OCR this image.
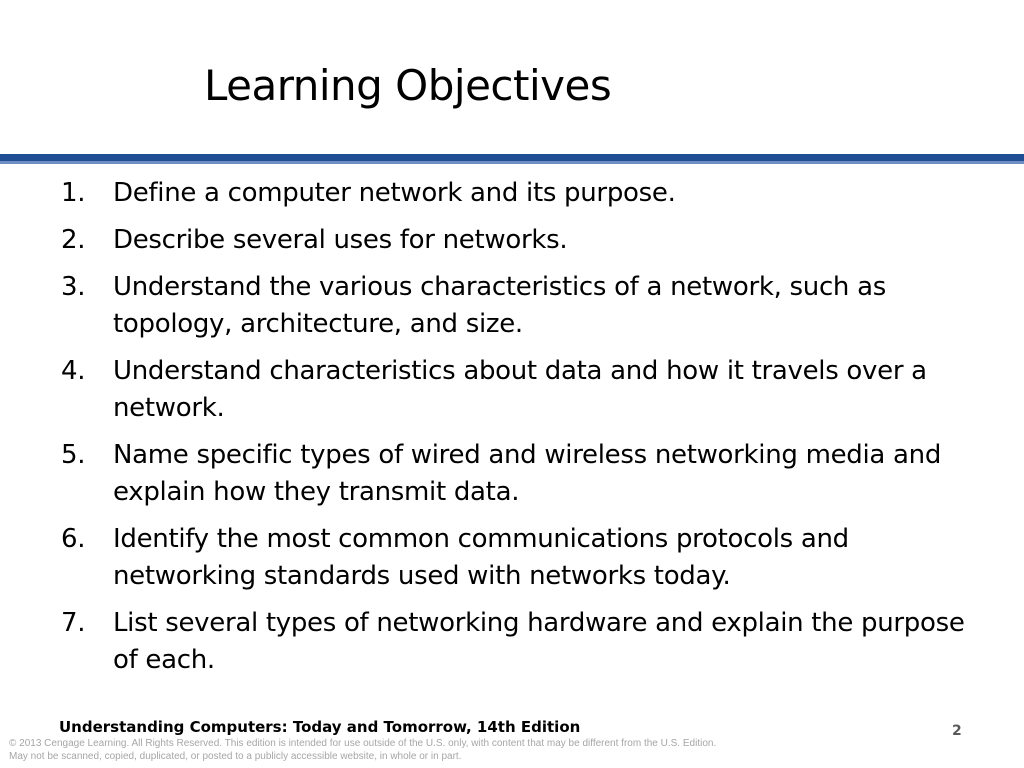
Learning Objectives
1. Define a computer network and its purpose.
2. Describe several uses for networks.
3. Understand the various characteristics of a network, such as topology, architecture, and size.
4. Understand characteristics about data and how it travels over a network.
5. Name specific types of wired and wireless networking media and explain how they transmit data.
6. Identify the most common communications protocols and networking standards used with networks today.
7. List several types of networking hardware and explain the purpose of each.
Understanding Computers: Today and Tomorrow, 14th Edition	2
© 2013 Cengage Learning. All Rights Reserved. This edition is intended for use outside of the U.S. only, with content that may be different from the U.S. Edition.
May not be scanned, copied, duplicated, or posted to a publicly accessible website, in whole or in part.
